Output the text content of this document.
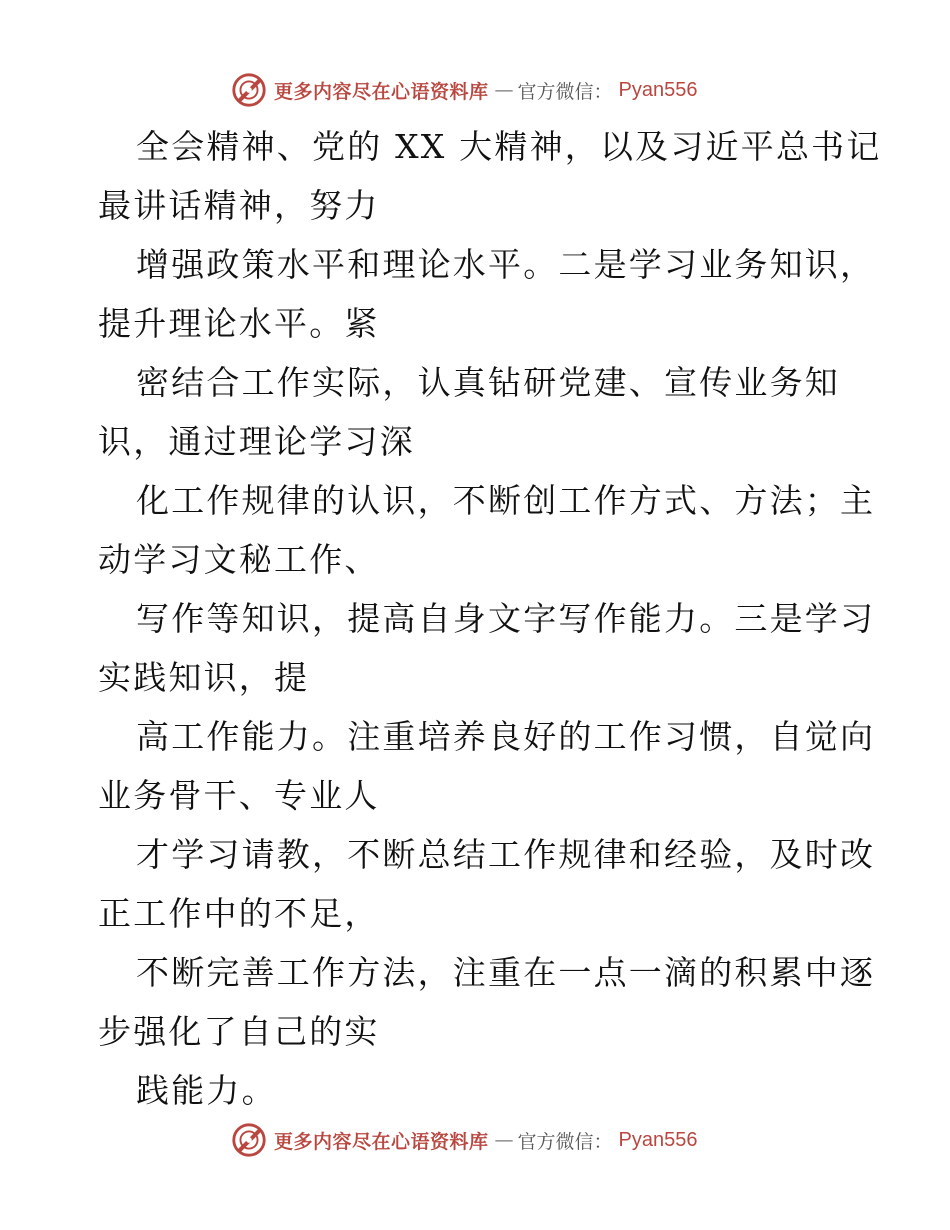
更多内容尽在心语资料库 — 官方微信： Pyan556
全会精神、党的 XX 大精神，以及习近平总书记
最讲话精神，努力
增强政策水平和理论水平。二是学习业务知识，
提升理论水平。紧
密结合工作实际，认真钻研党建、宣传业务知
识，通过理论学习深
化工作规律的认识，不断创工作方式、方法；主
动学习文秘工作、
写作等知识，提高自身文字写作能力。三是学习
实践知识，提
高工作能力。注重培养良好的工作习惯，自觉向
业务骨干、专业人
才学习请教，不断总结工作规律和经验，及时改
正工作中的不足，
不断完善工作方法，注重在一点一滴的积累中逐
步强化了自己的实
践能力。
更多内容尽在心语资料库 — 官方微信： Pyan556
